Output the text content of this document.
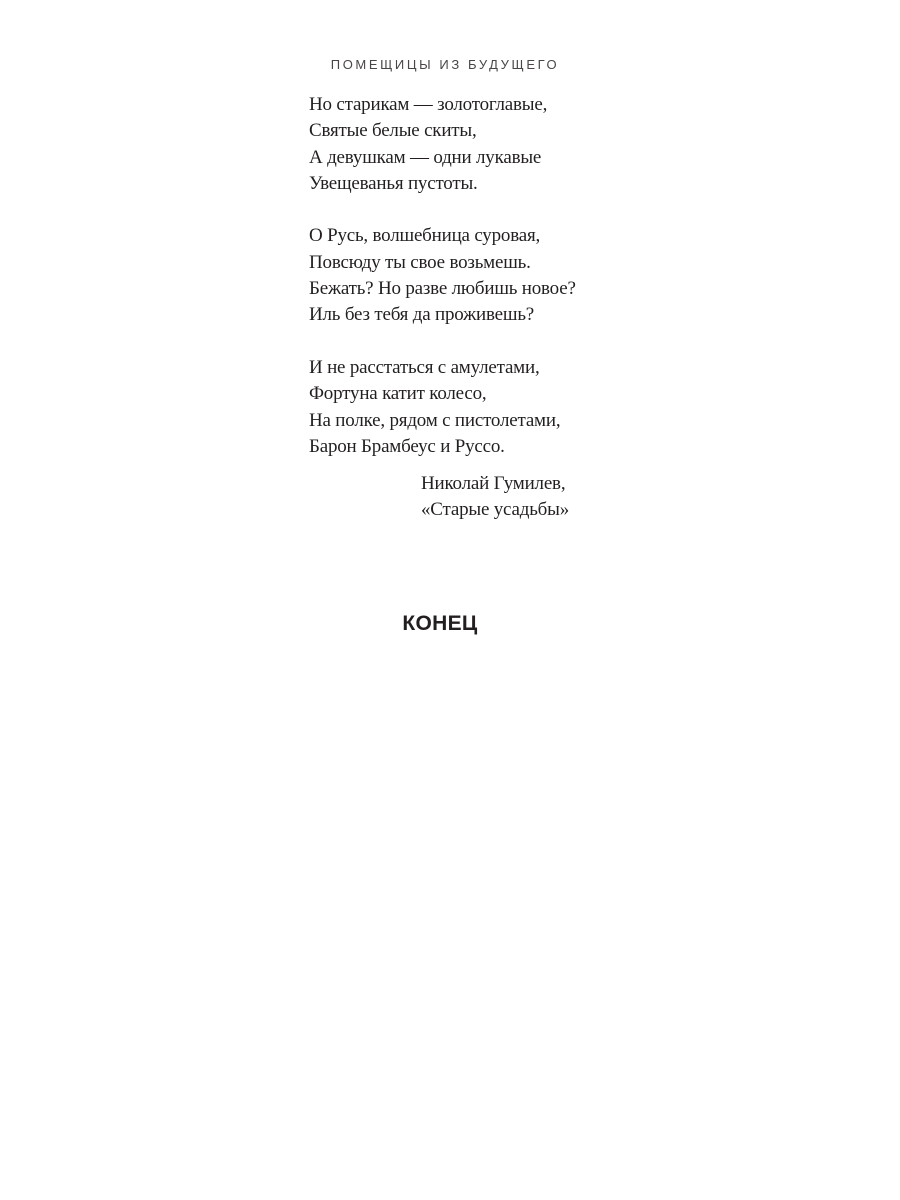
ПОМЕЩИЦЫ ИЗ БУДУЩЕГО
Но старикам — золотоглавые,
Святые белые скиты,
А девушкам — одни лукавые
Увещеванья пустоты.
О Русь, волшебница суровая,
Повсюду ты свое возьмешь.
Бежать? Но разве любишь новое?
Иль без тебя да проживешь?
И не расстаться с амулетами,
Фортуна катит колесо,
На полке, рядом с пистолетами,
Барон Брамбеус и Руссо.
Николай Гумилев,
«Старые усадьбы»
КОНЕЦ
